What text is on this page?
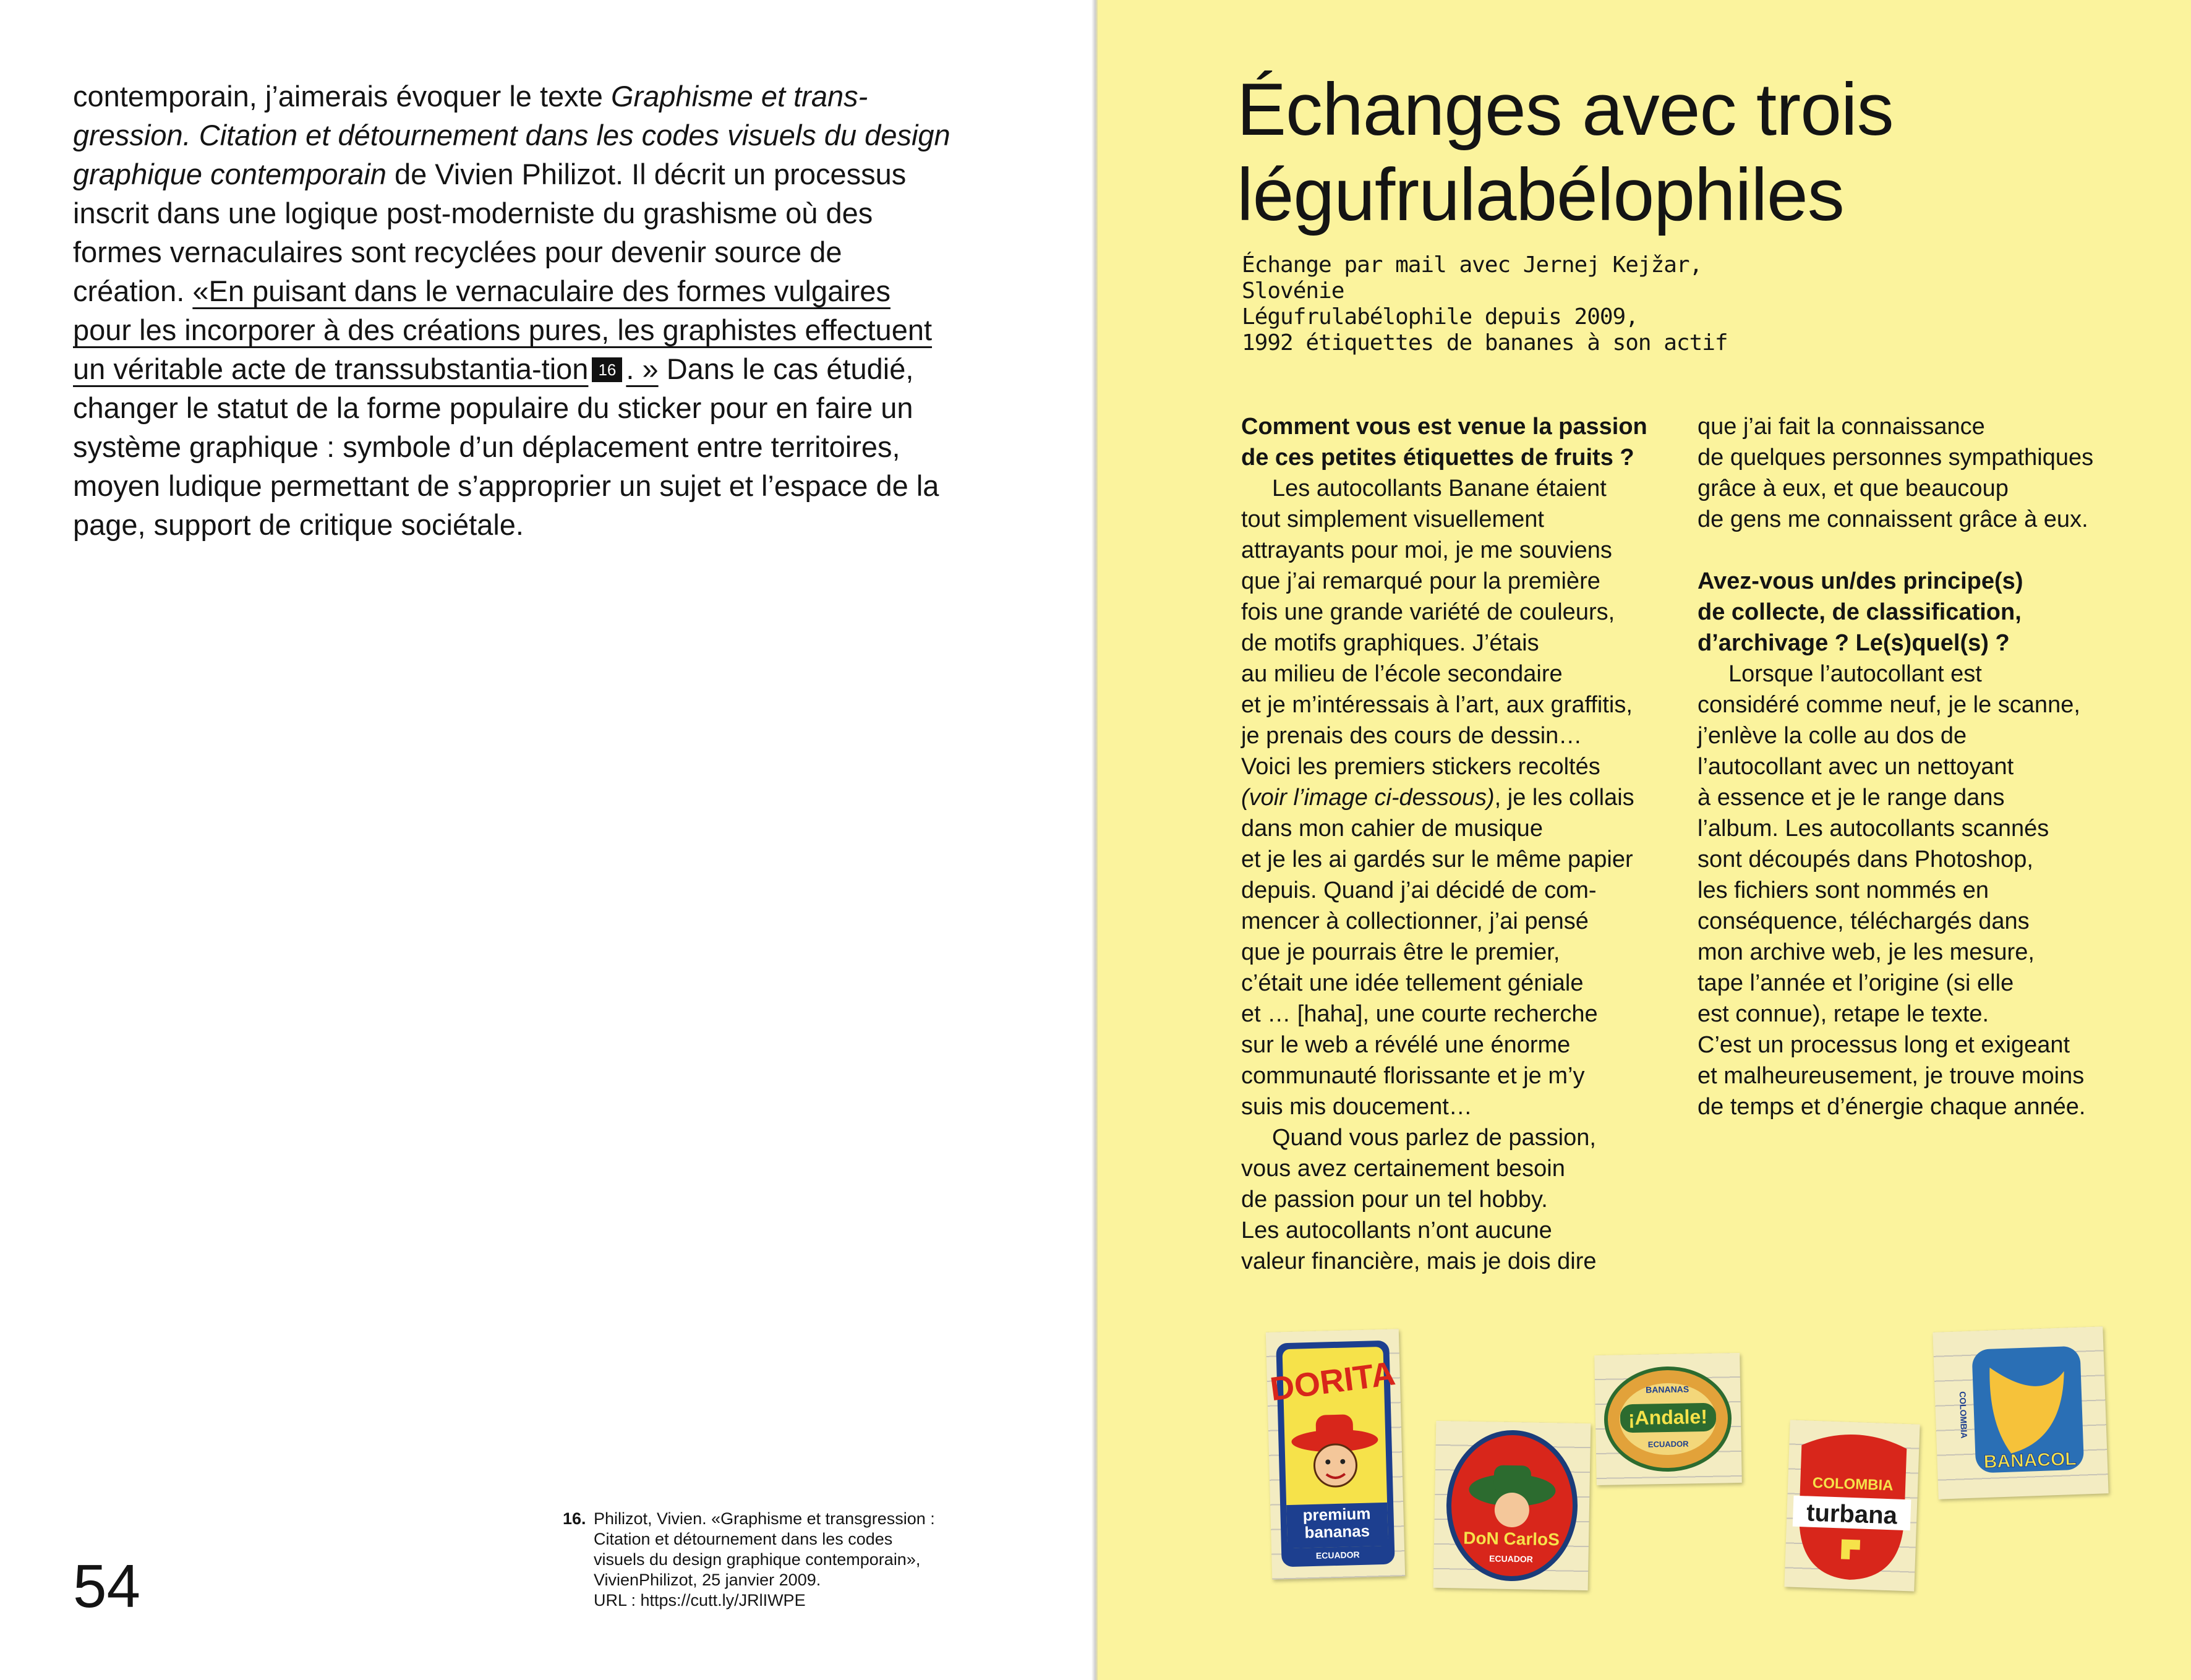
contemporain, j’aimerais évoquer le texte Graphisme et trans-gression. Citation et détournement dans les codes visuels du design graphique contemporain de Vivien Philizot. Il décrit un processus inscrit dans une logique post-moderniste du grashisme où des formes vernaculaires sont recyclées pour devenir source de création. «En puisant dans le vernaculaire des formes vulgaires pour les incorporer à des créations pures, les graphistes effectuent un véritable acte de transsubstantia-tion 16 . » Dans le cas étudié, changer le statut de la forme populaire du sticker pour en faire un système graphique : symbole d’un déplacement entre territoires, moyen ludique permettant de s’approprier un sujet et l’espace de la page, support de critique sociétale.

16. Philizot, Vivien. «Graphisme et transgression :
Citation et détournement dans les codes
visuels du design graphique contemporain»,
VivienPhilizot, 25 janvier 2009.
URL : https://cutt.ly/JRlIWPE
54
Échanges avec trois
légufrulabélophiles
Échange par mail avec Jernej Kejžar,
Slovénie
Légufrulabélophile depuis 2009,
1992 étiquettes de bananes à son actif
Comment vous est venue la passion
de ces petites étiquettes de fruits ?
Les autocollants Banane étaient
tout simplement visuellement
attrayants pour moi, je me souviens
que j’ai remarqué pour la première
fois une grande variété de couleurs,
de motifs graphiques. J’étais
au milieu de l’école secondaire
et je m’intéressais à l’art, aux graffitis,
je prenais des cours de dessin…
Voici les premiers stickers recoltés
(voir l’image ci-dessous), je les collais
dans mon cahier de musique
et je les ai gardés sur le même papier
depuis. Quand j’ai décidé de com-
mencer à collectionner, j’ai pensé
que je pourrais être le premier,
c’était une idée tellement géniale
et … [haha], une courte recherche
sur le web a révélé une énorme
communauté florissante et je m’y
suis mis doucement…
Quand vous parlez de passion,
vous avez certainement besoin
de passion pour un tel hobby.
Les autocollants n’ont aucune
valeur financière, mais je dois dire
que j’ai fait la connaissance
de quelques personnes sympathiques
grâce à eux, et que beaucoup
de gens me connaissent grâce à eux.
Avez-vous un/des principe(s)
de collecte, de classification,
d’archivage ? Le(s)quel(s) ?
Lorsque l’autocollant est
considéré comme neuf, je le scanne,
j’enlève la colle au dos de
l’autocollant avec un nettoyant
à essence et je le range dans
l’album. Les autocollants scannés
sont découpés dans Photoshop,
les fichiers sont nommés en
conséquence, téléchargés dans
mon archive web, je les mesure,
tape l’année et l’origine (si elle
est connue), retape le texte.
C’est un processus long et exigeant
et malheureusement, je trouve moins
de temps et d’énergie chaque année.
DORITA
premium
bananas
ECUADOR
DoN CarloS
ECUADOR
BANANAS
¡Andale!
ECUADOR
COLOMBIA
turbana
BANACOL
COLOMBIA
